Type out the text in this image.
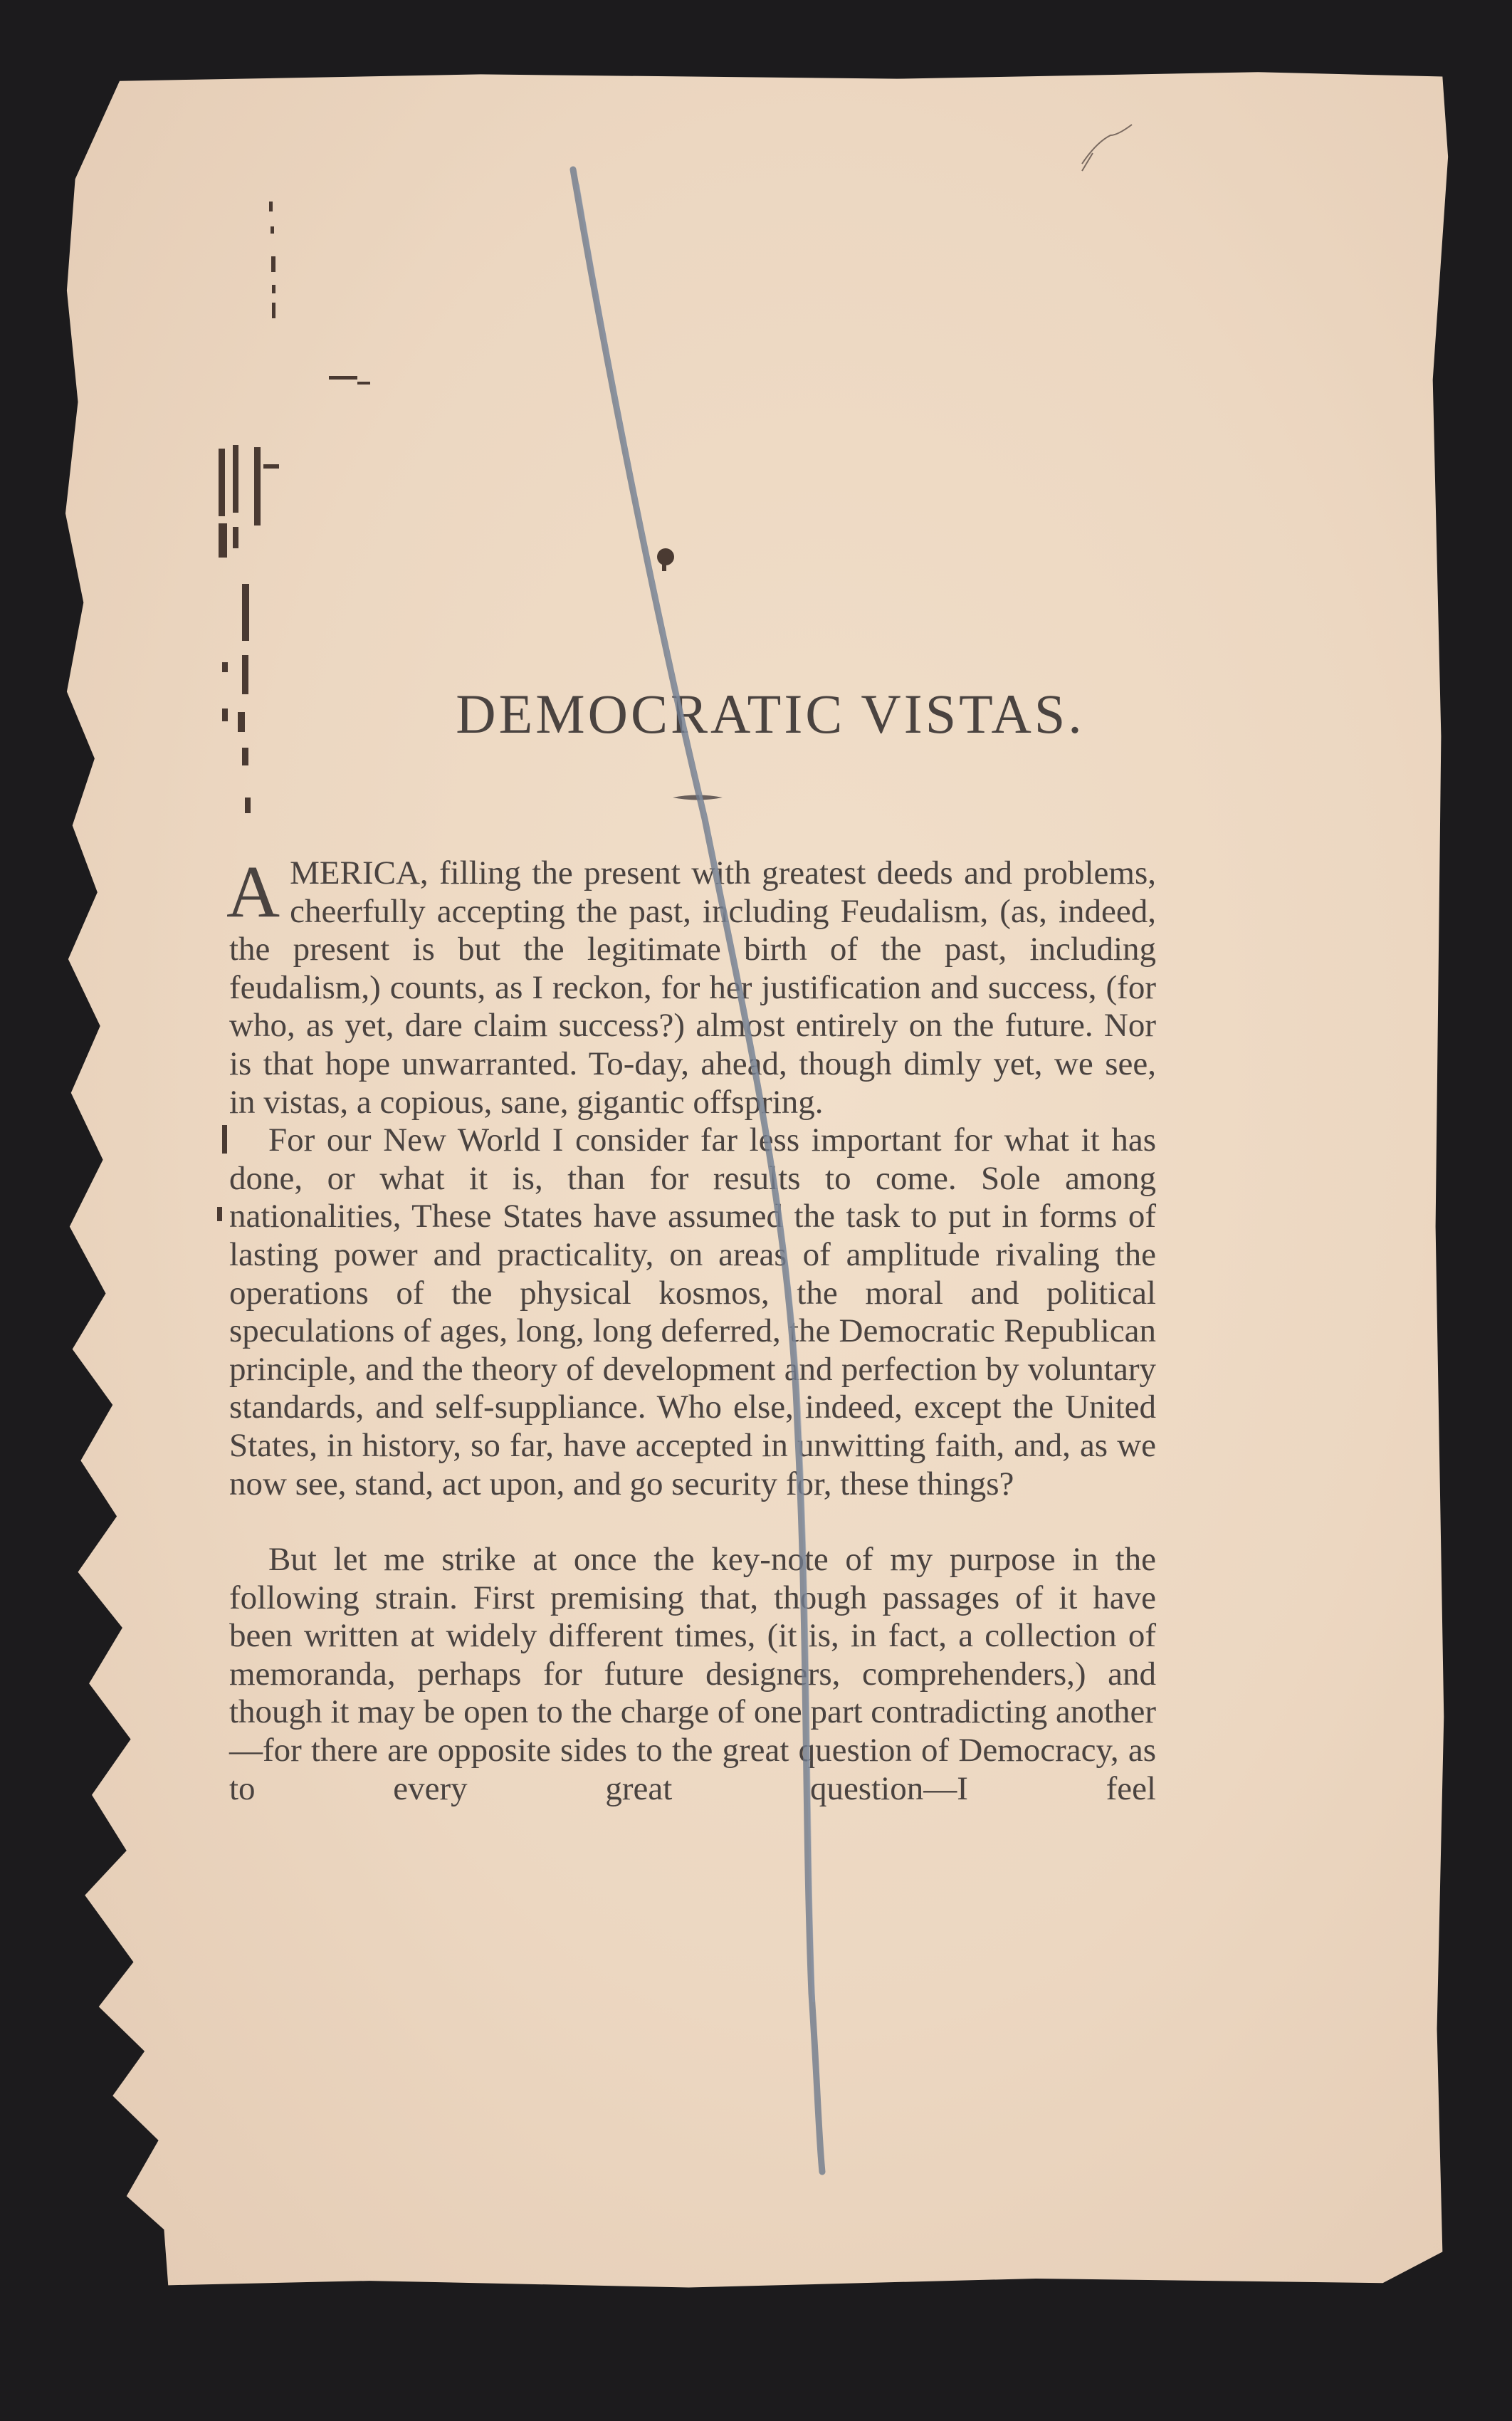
DEMOCRATIC VISTAS.

A MERICA, filling the present with greatest deeds and problems, cheerfully accepting the past, including Feudalism, (as, indeed, the present is but the legitimate birth of the past, including feudalism,) counts, as I reckon, for her justification and success, (for who, as yet, dare claim success?) almost entirely on the future. Nor is that hope unwarranted. To-day, ahead, though dimly yet, we see, in vistas, a copious, sane, gigantic offspring.

For our New World I consider far less important for what it has done, or what it is, than for results to come. Sole among nationalities, These States have assumed the task to put in forms of lasting power and practicality, on areas of amplitude rivaling the operations of the physical kosmos, the moral and political speculations of ages, long, long deferred, the Democratic Republican principle, and the theory of development and perfection by voluntary standards, and self-suppliance. Who else, indeed, except the United States, in history, so far, have accepted in unwitting faith, and, as we now see, stand, act upon, and go security for, these things?

But let me strike at once the key-note of my purpose in the following strain. First premising that, though passages of it have been written at widely different times, (it is, in fact, a collection of memoranda, perhaps for future designers, comprehenders,) and though it may be open to the charge of one part contradicting another—for there are opposite sides to the great question of Democracy, as to every great question—I feel
